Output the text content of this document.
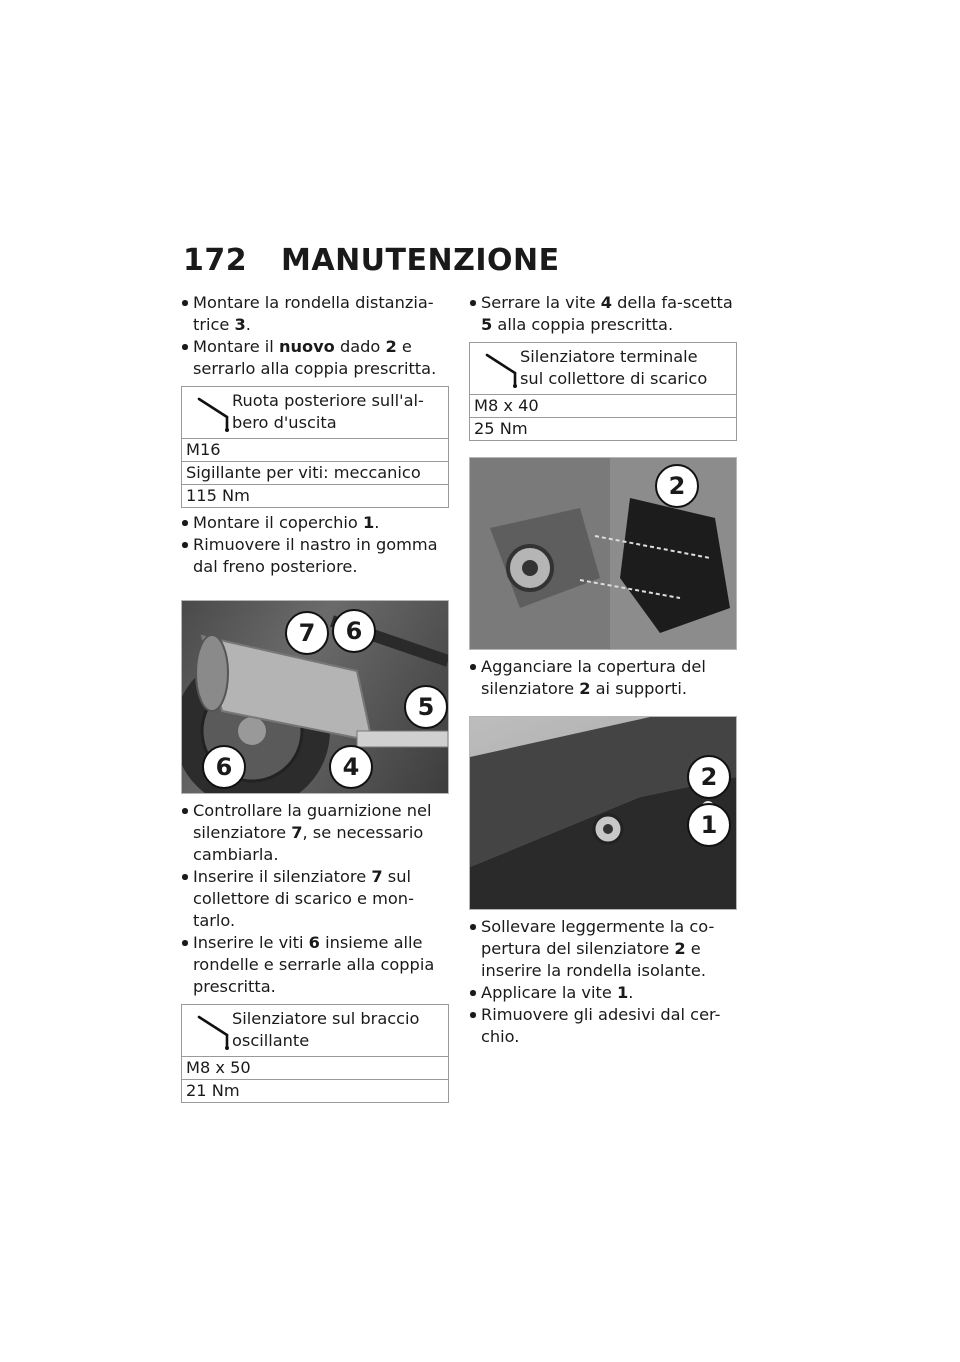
172 MANUTENZIONE

Montare la rondella distanzia-
trice 3.

Montare il nuovo dado 2 e serrarlo alla coppia prescritta.

Ruota posteriore sull'al-
bero d'uscita
M16
Sigillante per viti: meccanico
115 Nm

Montare il coperchio 1.

Rimuovere il nastro in gomma dal freno posteriore.

7	6
5
6	4

Controllare la guarnizione nel silenziatore 7, se necessario cambiarla.

Inserire il silenziatore 7 sul collettore di scarico e mon-tarlo.

Inserire le viti 6 insieme alle rondelle e serrarle alla coppia prescritta.

Silenziatore sul braccio
oscillante
M8 x 50
21 Nm

Serrare la vite 4 della fa-scetta 5 alla coppia prescritta.

Silenziatore terminale
sul collettore di scarico
M8 x 40
25 Nm
2

Agganciare la copertura del silenziatore 2 ai supporti.

2
1

Sollevare leggermente la co-pertura del silenziatore 2 e inserire la rondella isolante.

Applicare la vite 1.

Rimuovere gli adesivi dal cer-chio.
